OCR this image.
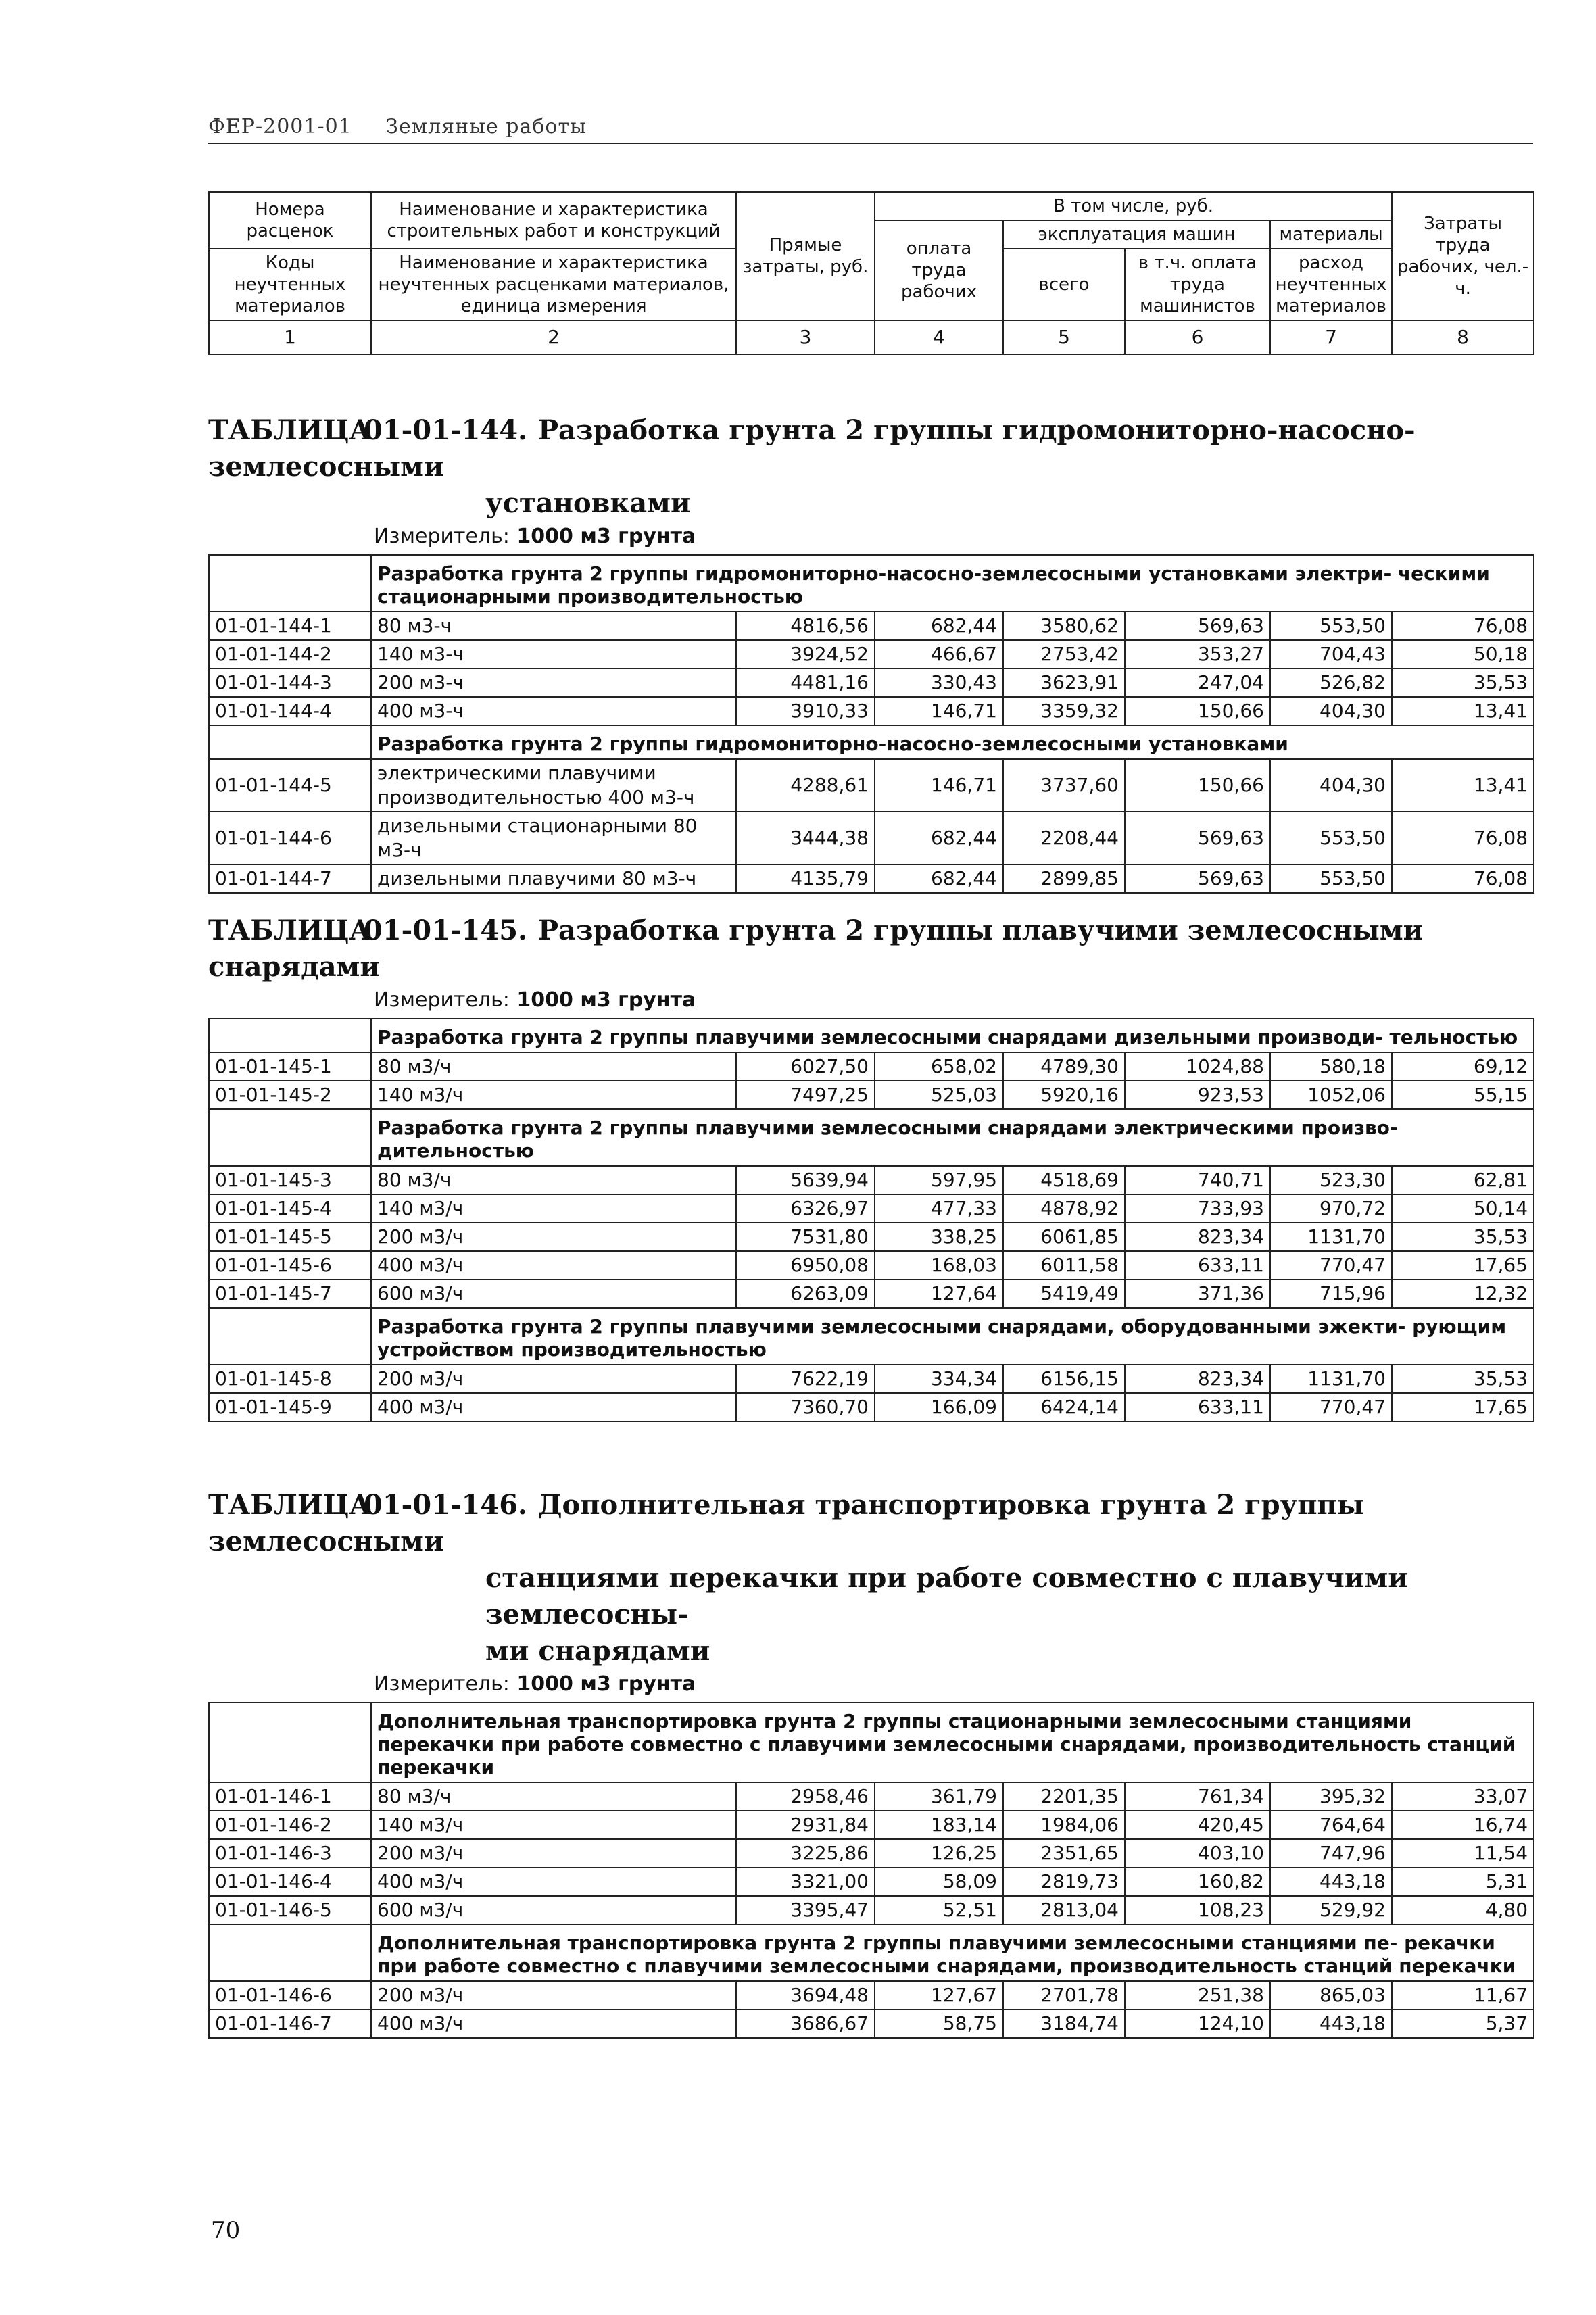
ФЕР-2001-01 Земляные работы
Номера расценок	Наименование и характеристика строительных работ и конструкций	Прямые затраты, руб.	В том числе, руб.				Затраты труда рабочих, чел.-ч.
			оплата труда рабочих	эксплуатация машин		материалы	
Коды неучтенных материалов	Наименование и характеристика неучтенных расценками материалов, единица измерения			всего	в т.ч. оплата труда машинистов	расход неучтенных материалов	

1	2	3	4	5	6	7	8
ТАБЛИЦА01-01-144. Разработка грунта 2 группы гидромониторно-насосно-землесосными
установками
Измеритель: 1000 м3 грунта
	Разработка грунта 2 группы гидромониторно-насосно-землесосными установками электри- ческими стационарными производительностью						
01-01-144-1	80 м3-ч	4816,56	682,44	3580,62	569,63	553,50	76,08
01-01-144-2	140 м3-ч	3924,52	466,67	2753,42	353,27	704,43	50,18
01-01-144-3	200 м3-ч	4481,16	330,43	3623,91	247,04	526,82	35,53
01-01-144-4	400 м3-ч	3910,33	146,71	3359,32	150,66	404,30	13,41
	Разработка грунта 2 группы гидромониторно-насосно-землесосными установками						
01-01-144-5	электрическими плавучими производительностью 400 м3-ч	4288,61	146,71	3737,60	150,66	404,30	13,41
01-01-144-6	дизельными стационарными 80 м3-ч	3444,38	682,44	2208,44	569,63	553,50	76,08
01-01-144-7	дизельными плавучими 80 м3-ч	4135,79	682,44	2899,85	569,63	553,50	76,08
ТАБЛИЦА01-01-145. Разработка грунта 2 группы плавучими землесосными снарядами
Измеритель: 1000 м3 грунта
	Разработка грунта 2 группы плавучими землесосными снарядами дизельными производи- тельностью						
01-01-145-1	80 м3/ч	6027,50	658,02	4789,30	1024,88	580,18	69,12
01-01-145-2	140 м3/ч	7497,25	525,03	5920,16	923,53	1052,06	55,15
	Разработка грунта 2 группы плавучими землесосными снарядами электрическими произво- дительностью						
01-01-145-3	80 м3/ч	5639,94	597,95	4518,69	740,71	523,30	62,81
01-01-145-4	140 м3/ч	6326,97	477,33	4878,92	733,93	970,72	50,14
01-01-145-5	200 м3/ч	7531,80	338,25	6061,85	823,34	1131,70	35,53
01-01-145-6	400 м3/ч	6950,08	168,03	6011,58	633,11	770,47	17,65
01-01-145-7	600 м3/ч	6263,09	127,64	5419,49	371,36	715,96	12,32
	Разработка грунта 2 группы плавучими землесосными снарядами, оборудованными эжекти- рующим устройством производительностью						
01-01-145-8	200 м3/ч	7622,19	334,34	6156,15	823,34	1131,70	35,53
01-01-145-9	400 м3/ч	7360,70	166,09	6424,14	633,11	770,47	17,65
ТАБЛИЦА01-01-146. Дополнительная транспортировка грунта 2 группы землесосными
станциями перекачки при работе совместно с плавучими землесосны-
ми снарядами
Измеритель: 1000 м3 грунта
	Дополнительная транспортировка грунта 2 группы стационарными землесосными станциями перекачки при работе совместно с плавучими землесосными снарядами, производительность станций перекачки						
01-01-146-1	80 м3/ч	2958,46	361,79	2201,35	761,34	395,32	33,07
01-01-146-2	140 м3/ч	2931,84	183,14	1984,06	420,45	764,64	16,74
01-01-146-3	200 м3/ч	3225,86	126,25	2351,65	403,10	747,96	11,54
01-01-146-4	400 м3/ч	3321,00	58,09	2819,73	160,82	443,18	5,31
01-01-146-5	600 м3/ч	3395,47	52,51	2813,04	108,23	529,92	4,80
	Дополнительная транспортировка грунта 2 группы плавучими землесосными станциями пе- рекачки при работе совместно с плавучими землесосными снарядами, производительность станций перекачки						
01-01-146-6	200 м3/ч	3694,48	127,67	2701,78	251,38	865,03	11,67
01-01-146-7	400 м3/ч	3686,67	58,75	3184,74	124,10	443,18	5,37
70
